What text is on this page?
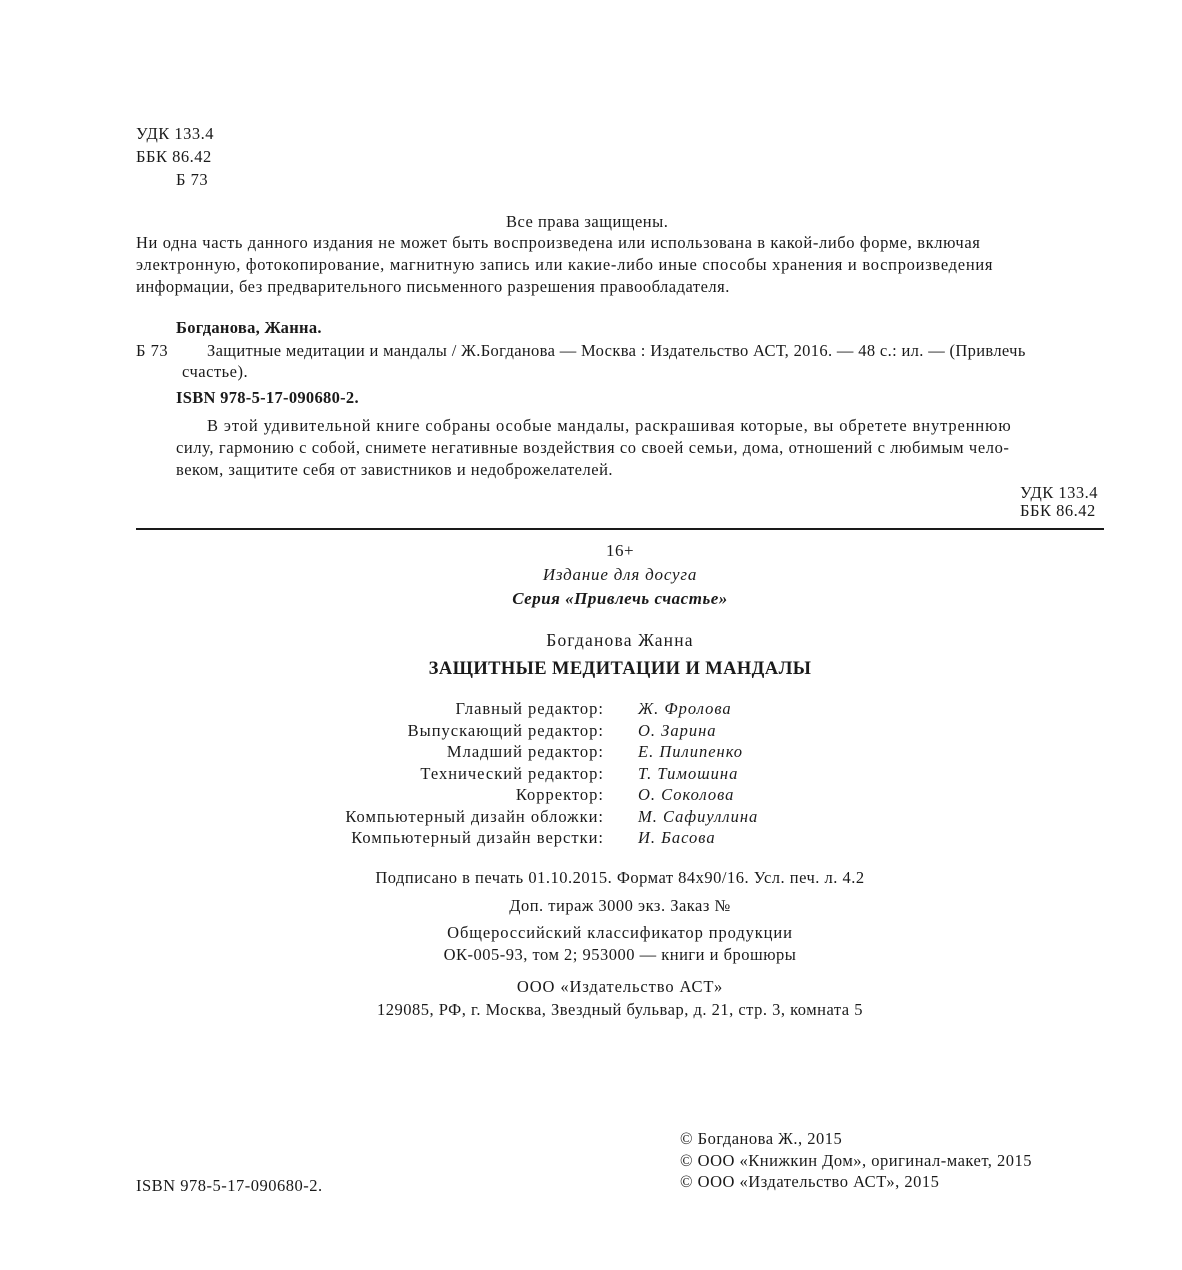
УДК 133.4
ББК 86.42
Б 73
Все права защищены.
Ни одна часть данного издания не может быть воспроизведена или использована в какой-либо форме, включая
электронную, фотокопирование, магнитную запись или какие-либо иные способы хранения и воспроизведения
информации, без предварительного письменного разрешения правообладателя.
Богданова, Жанна.
Б 73 Защитные медитации и мандалы / Ж.Богданова — Москва : Издательство АСТ, 2016. — 48 с.: ил. — (Привлечь
счастье).
ISBN 978-5-17-090680-2.
В этой удивительной книге собраны особые мандалы, раскрашивая которые, вы обретете внутреннюю
силу, гармонию с собой, снимете негативные воздействия со своей семьи, дома, отношений с любимым чело-
веком, защитите себя от завистников и недоброжелателей.
УДК 133.4
ББК 86.42
16+
Издание для досуга
Серия «Привлечь счастье»
Богданова Жанна
ЗАЩИТНЫЕ МЕДИТАЦИИ И МАНДАЛЫ
Главный редактор: Ж. Фролова
Выпускающий редактор: О. Зарина
Младший редактор: Е. Пилипенко
Технический редактор: Т. Тимошина
Корректор: О. Соколова
Компьютерный дизайн обложки: М. Сафиуллина
Компьютерный дизайн верстки: И. Басова
Подписано в печать 01.10.2015. Формат 84х90/16. Усл. печ. л. 4.2
Доп. тираж 3000 экз. Заказ №
Общероссийский классификатор продукции
ОК-005-93, том 2; 953000 — книги и брошюры
ООО «Издательство АСТ»
129085, РФ, г. Москва, Звездный бульвар, д. 21, стр. 3, комната 5
ISBN 978-5-17-090680-2.
© Богданова Ж., 2015
© ООО «Книжкин Дом», оригинал-макет, 2015
© ООО «Издательство АСТ», 2015
